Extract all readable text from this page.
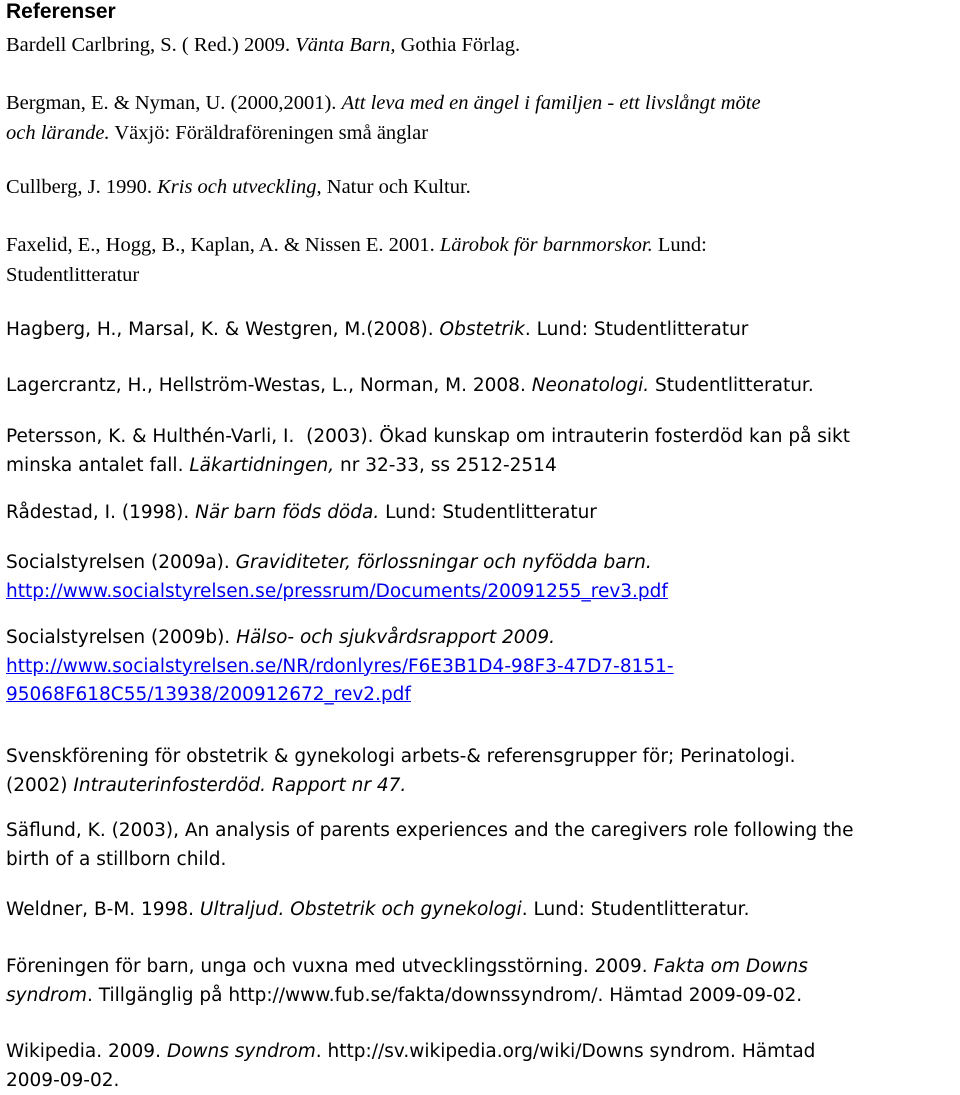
Referenser

Bardell Carlbring, S. ( Red.) 2009. Vänta Barn, Gothia Förlag.

Bergman, E. & Nyman, U. (2000,2001). Att leva med en ängel i familjen - ett livslångt möte
och lärande. Växjö: Föräldraföreningen små änglar

Cullberg, J. 1990. Kris och utveckling, Natur och Kultur.

Faxelid, E., Hogg, B., Kaplan, A. & Nissen E. 2001. Lärobok för barnmorskor. Lund:
Studentlitteratur

Hagberg, H., Marsal, K. & Westgren, M.(2008). Obstetrik. Lund: Studentlitteratur

Lagercrantz, H., Hellström-Westas, L., Norman, M. 2008. Neonatologi. Studentlitteratur.

Petersson, K. & Hulthén-Varli, I.  (2003). Ökad kunskap om intrauterin fosterdöd kan på sikt
minska antalet fall. Läkartidningen, nr 32-33, ss 2512-2514

Rådestad, I. (1998). När barn föds döda. Lund: Studentlitteratur

Socialstyrelsen (2009a). Graviditeter, förlossningar och nyfödda barn.
http://www.socialstyrelsen.se/pressrum/Documents/20091255_rev3.pdf

Socialstyrelsen (2009b). Hälso- och sjukvårdsrapport 2009.
http://www.socialstyrelsen.se/NR/rdonlyres/F6E3B1D4-98F3-47D7-8151-
95068F618C55/13938/200912672_rev2.pdf

Svenskförening för obstetrik & gynekologi arbets-& referensgrupper för; Perinatologi.
(2002) Intrauterinfosterdöd. Rapport nr 47.

Säflund, K. (2003), An analysis of parents experiences and the caregivers role following the
birth of a stillborn child.

Weldner, B-M. 1998. Ultraljud. Obstetrik och gynekologi. Lund: Studentlitteratur.

Föreningen för barn, unga och vuxna med utvecklingsstörning. 2009. Fakta om Downs
syndrom. Tillgänglig på http://www.fub.se/fakta/downssyndrom/. Hämtad 2009-09-02.

Wikipedia. 2009. Downs syndrom. http://sv.wikipedia.org/wiki/Downs syndrom. Hämtad
2009-09-02.
